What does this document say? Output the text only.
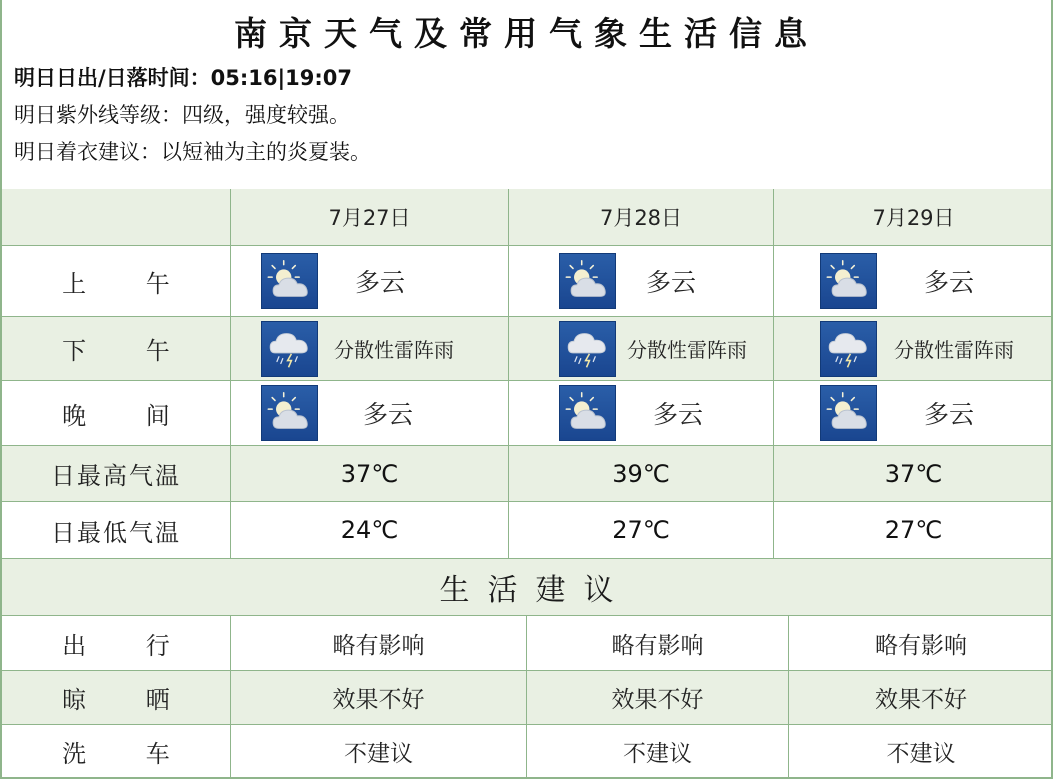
南京天气及常用气象生活信息
明日日出/日落时间：05:16|19:07
明日紫外线等级：四级，强度较强。
明日着衣建议：以短袖为主的炎夏装。
7月27日	7月28日	7月29日
上 午	多云	多云	多云
下 午	分散性雷阵雨	分散性雷阵雨	分散性雷阵雨
晚 间	多云	多云	多云
日最高气温	37℃	39℃	37℃
日最低气温	24℃	27℃	27℃
生活建议
出 行	略有影响	略有影响	略有影响
晾 晒	效果不好	效果不好	效果不好
洗 车	不建议	不建议	不建议
